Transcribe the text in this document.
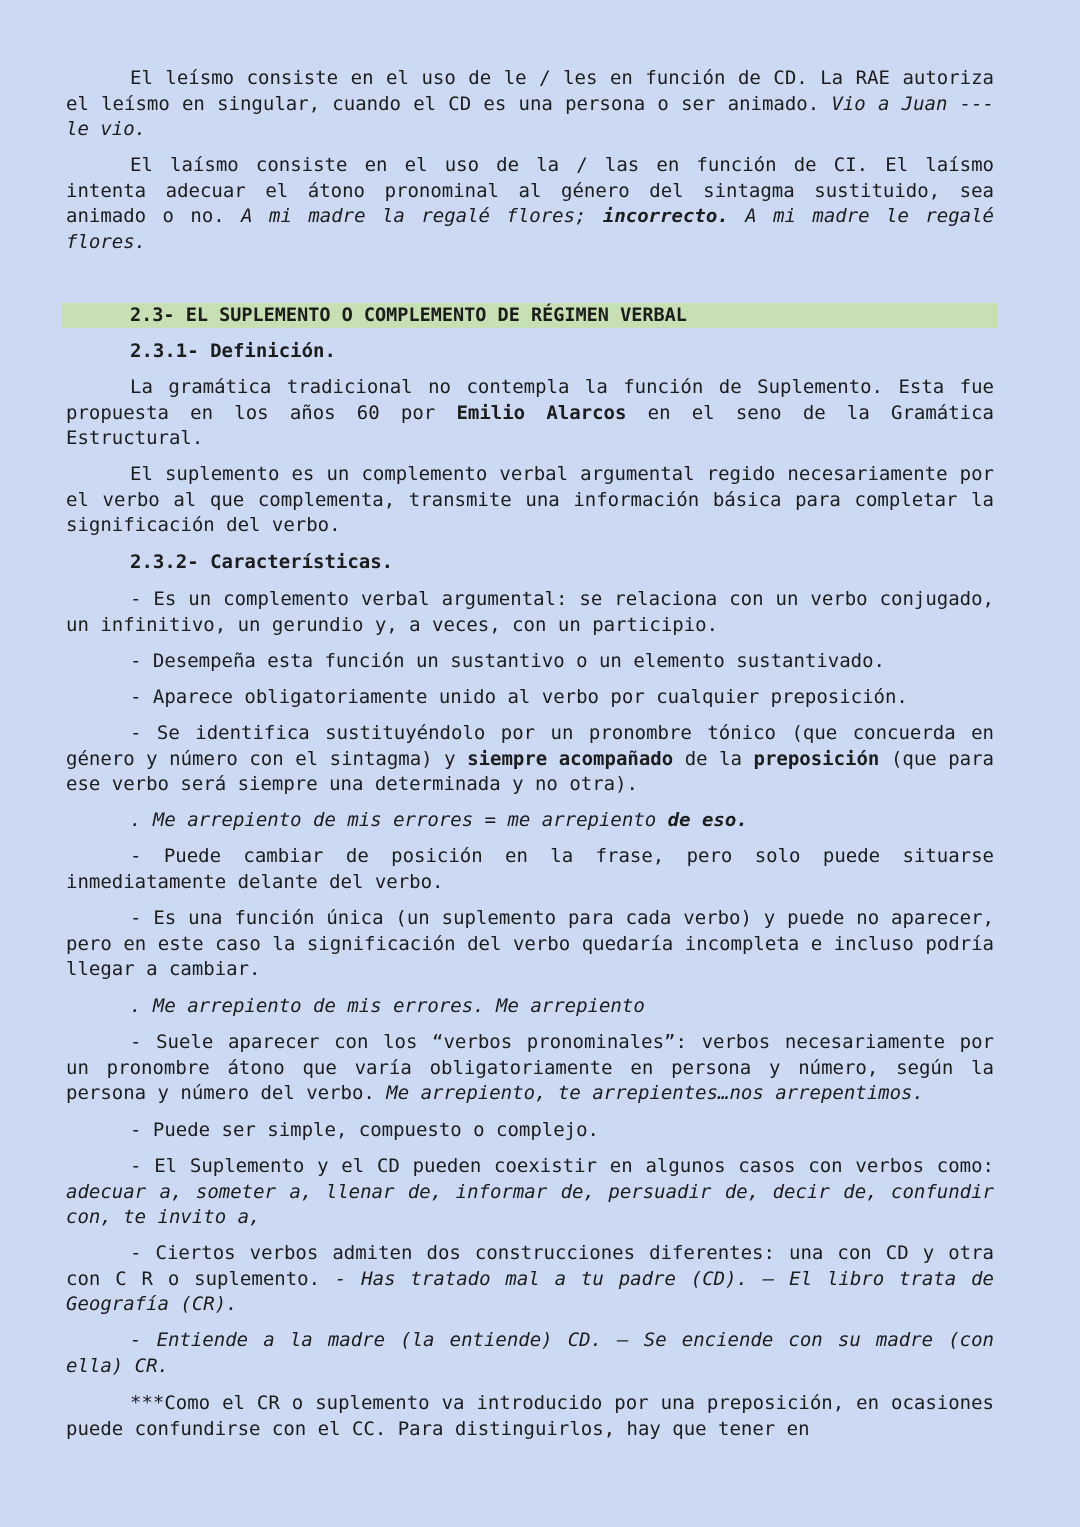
El leísmo consiste en el uso de le / les en función de CD. La RAE autoriza el leísmo en singular, cuando el CD es una persona o ser animado. Vio a Juan --- le vio.

El laísmo consiste en el uso de la / las en función de CI. El laísmo intenta adecuar el átono pronominal al género del sintagma sustituido, sea animado o no. A mi madre la regalé flores; incorrecto. A mi madre le regalé flores.

2.3- EL SUPLEMENTO O COMPLEMENTO DE RÉGIMEN VERBAL

2.3.1- Definición.

La gramática tradicional no contempla la función de Suplemento. Esta fue propuesta en los años 60 por Emilio Alarcos en el seno de la Gramática Estructural.

El suplemento es un complemento verbal argumental regido necesariamente por el verbo al que complementa, transmite una información básica para completar la significación del verbo.

2.3.2- Características.

- Es un complemento verbal argumental: se relaciona con un verbo conjugado, un infinitivo, un gerundio y, a veces, con un participio.

- Desempeña esta función un sustantivo o un elemento sustantivado.

- Aparece obligatoriamente unido al verbo por cualquier preposición.

- Se identifica sustituyéndolo por un pronombre tónico (que concuerda en género y número con el sintagma) y siempre acompañado de la preposición (que para ese verbo será siempre una determinada y no otra).

. Me arrepiento de mis errores = me arrepiento de eso.

- Puede cambiar de posición en la frase, pero solo puede situarse inmediatamente delante del verbo.

- Es una función única (un suplemento para cada verbo) y puede no aparecer, pero en este caso la significación del verbo quedaría incompleta e incluso podría llegar a cambiar.

. Me arrepiento de mis errores. Me arrepiento

- Suele aparecer con los “verbos pronominales”: verbos necesariamente por un pronombre átono que varía obligatoriamente en persona y número, según la persona y número del verbo. Me arrepiento, te arrepientes…nos arrepentimos.

- Puede ser simple, compuesto o complejo.

- El Suplemento y el CD pueden coexistir en algunos casos con verbos como: adecuar a, someter a, llenar de, informar de, persuadir de, decir de, confundir con, te invito a,

- Ciertos verbos admiten dos construcciones diferentes: una con CD y otra con C R o suplemento. - Has tratado mal a tu padre (CD). – El libro trata de Geografía (CR).

- Entiende a la madre (la entiende) CD. – Se enciende con su madre (con ella) CR.

***Como el CR o suplemento va introducido por una preposición, en ocasiones puede confundirse con el CC. Para distinguirlos, hay que tener en
